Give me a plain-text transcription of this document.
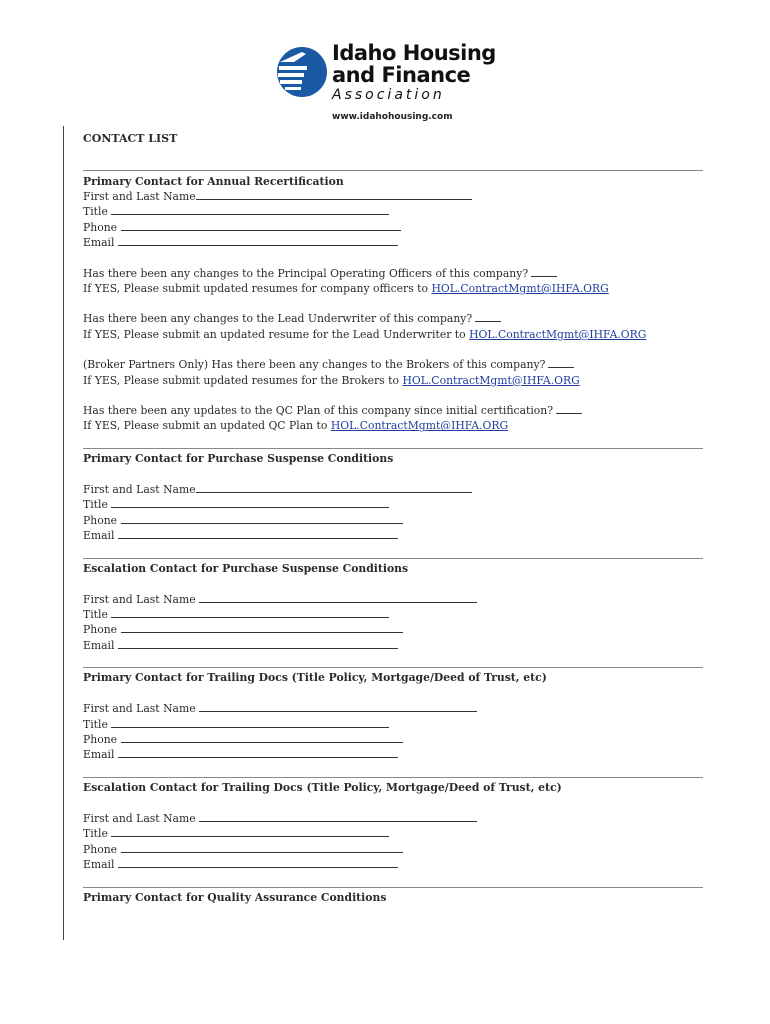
Idaho Housing
and Finance
Association
www.idahohousing.com

CONTACT LIST

Primary Contact for Annual Recertification
First and Last Name
Title
Phone
Email
Has there been any changes to the Principal Operating Officers of this company?
If YES, Please submit updated resumes for company officers to HOL.ContractMgmt@IHFA.ORG
Has there been any changes to the Lead Underwriter of this company?
If YES, Please submit an updated resume for the Lead Underwriter to HOL.ContractMgmt@IHFA.ORG
(Broker Partners Only) Has there been any changes to the Brokers of this company?
If YES, Please submit updated resumes for the Brokers to HOL.ContractMgmt@IHFA.ORG
Has there been any updates to the QC Plan of this company since initial certification?
If YES, Please submit an updated QC Plan to HOL.ContractMgmt@IHFA.ORG
Primary Contact for Purchase Suspense Conditions
First and Last Name
Title
Phone
Email
Escalation Contact for Purchase Suspense Conditions
First and Last Name
Title
Phone
Email
Primary Contact for Trailing Docs (Title Policy, Mortgage/Deed of Trust, etc)
First and Last Name
Title
Phone
Email
Escalation Contact for Trailing Docs (Title Policy, Mortgage/Deed of Trust, etc)
First and Last Name
Title
Phone
Email
Primary Contact for Quality Assurance Conditions
